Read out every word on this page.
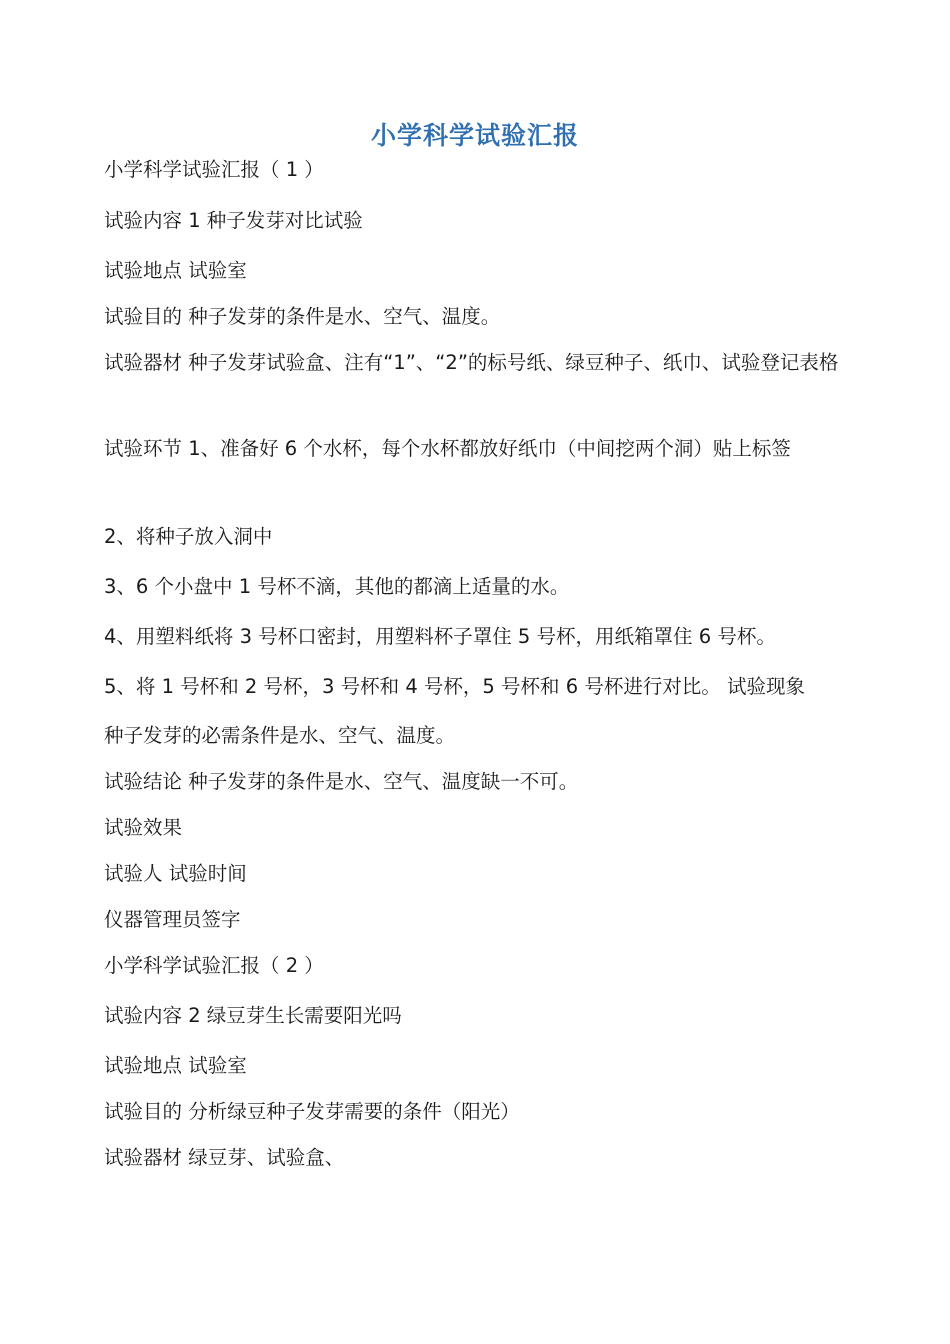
小学科学试验汇报
小学科学试验汇报（ 1 ）
试验内容 1 种子发芽对比试验
试验地点 试验室
试验目的 种子发芽的条件是水、空气、温度。
试验器材 种子发芽试验盒、注有“1”、“2”的标号纸、绿豆种子、纸巾、试验登记表格
试验环节 1、准备好 6 个水杯，每个水杯都放好纸巾（中间挖两个洞）贴上标签
2、将种子放入洞中
3、6 个小盘中 1 号杯不滴，其他的都滴上适量的水。
4、用塑料纸将 3 号杯口密封，用塑料杯子罩住 5 号杯，用纸箱罩住 6 号杯。
5、将 1 号杯和 2 号杯，3 号杯和 4 号杯，5 号杯和 6 号杯进行对比。 试验现象
种子发芽的必需条件是水、空气、温度。
试验结论 种子发芽的条件是水、空气、温度缺一不可。
试验效果
试验人 试验时间
仪器管理员签字
小学科学试验汇报（ 2 ）
试验内容 2 绿豆芽生长需要阳光吗
试验地点 试验室
试验目的 分析绿豆种子发芽需要的条件（阳光）
试验器材 绿豆芽、试验盒、
